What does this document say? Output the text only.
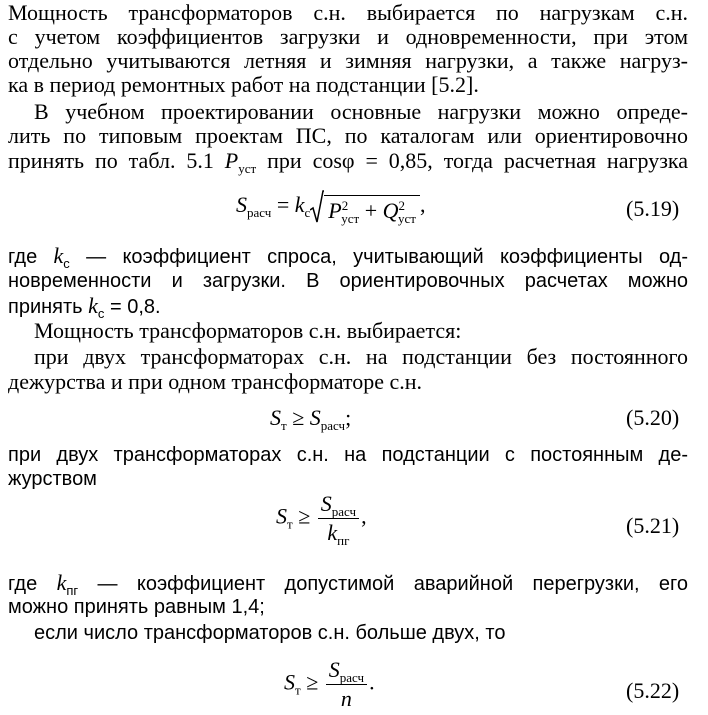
Мощность трансформаторов с.н. выбирается по нагрузкам с.н.
с учетом коэффициентов загрузки и одновременности, при этом
отдельно учитываются летняя и зимняя нагрузки, а также нагруз-
ка в период ремонтных работ на подстанции [5.2].
В учебном проектировании основные нагрузки можно опреде-
лить по типовым проектам ПС, по каталогам или ориентировочно
принять по табл. 5.1 $P_{уст}$ при cosφ = 0,85, тогда расчетная нагрузка
$S_{расч} = k_с$ $P^2_{уст} + Q^2_{уст}$,	(5.19)
где $k_с$ — коэффициент спроса, учитывающий коэффициенты од-
новременности и загрузки. В ориентировочных расчетах можно
принять $k_с = 0,8$.
Мощность трансформаторов с.н. выбирается:
при двух трансформаторах с.н. на подстанции без постоянного
дежурства и при одном трансформаторе с.н.
$S_т \ge S_{расч}$;	(5.20)
при двух трансформаторах с.н. на подстанции с постоянным де-
журством
$S_т \ge \frac{S_{расч}}{k_{пг}}$ ,	(5.21)
где $k_{пг}$ — коэффициент допустимой аварийной перегрузки, его
можно принять равным 1,4;
если число трансформаторов с.н. больше двух, то
$S_т \ge \frac{S_{расч}}{n}$ .	(5.22)
